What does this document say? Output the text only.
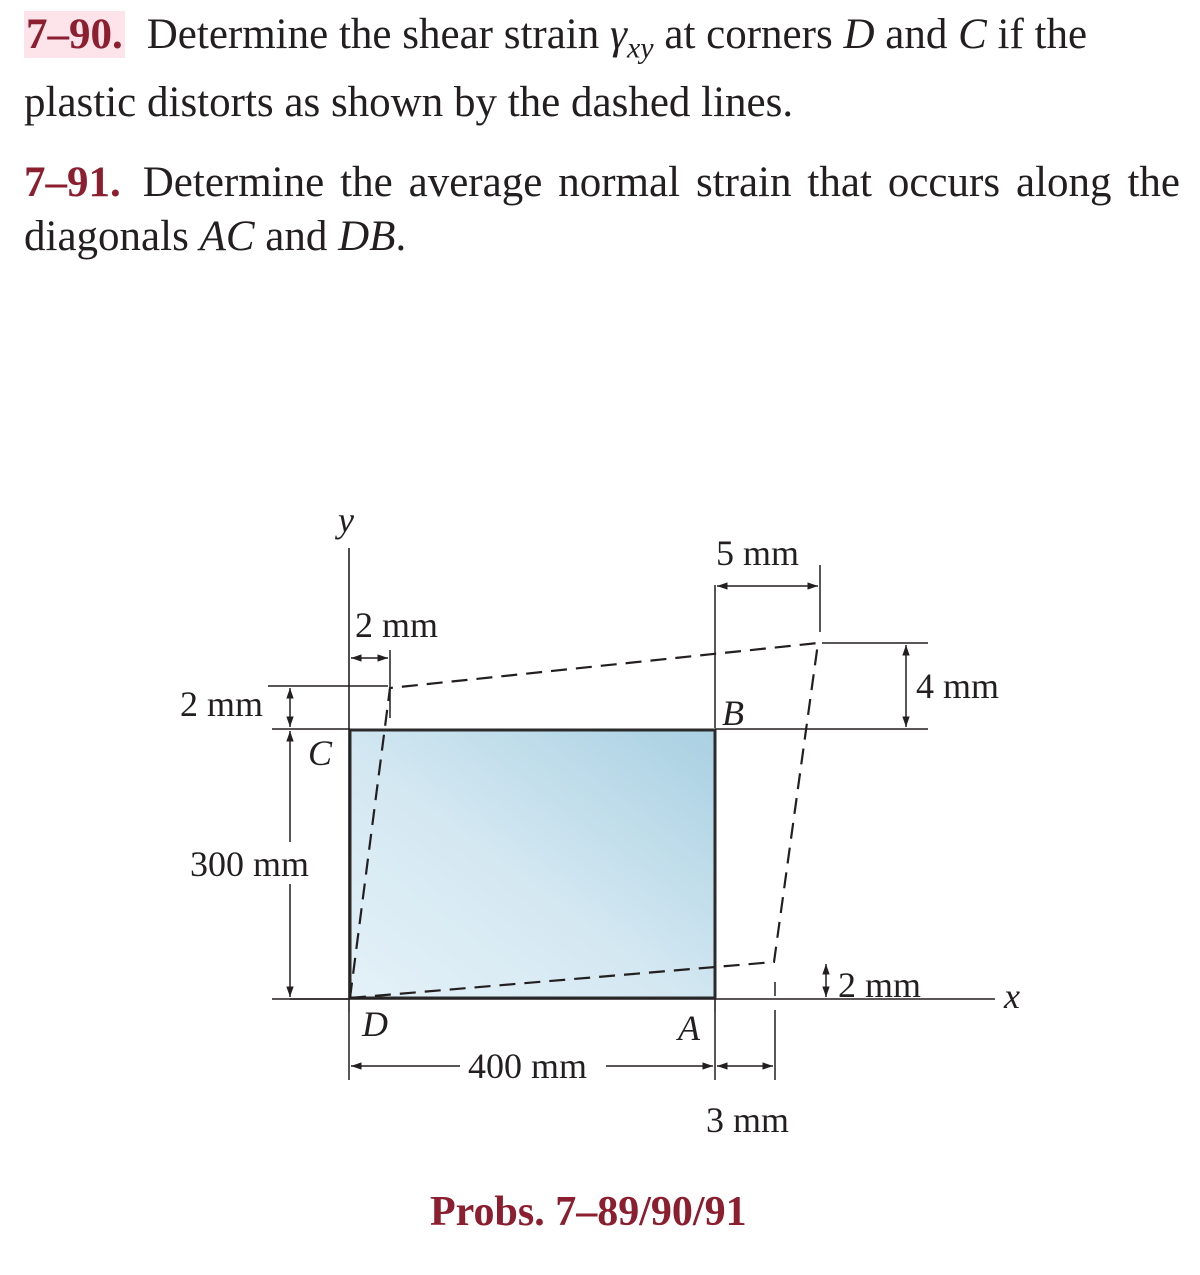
7–90. Determine the shear strain $\gamma_{xy}$ at corners D and C if the plastic distorts as shown by the dashed lines.
7–91. Determine the average normal strain that occurs along the diagonals AC and DB.
y
x
2 mm
5 mm
2 mm
300 mm
4 mm
2 mm
400 mm
3 mm
C
B
D	A
Probs. 7–89/90/91
